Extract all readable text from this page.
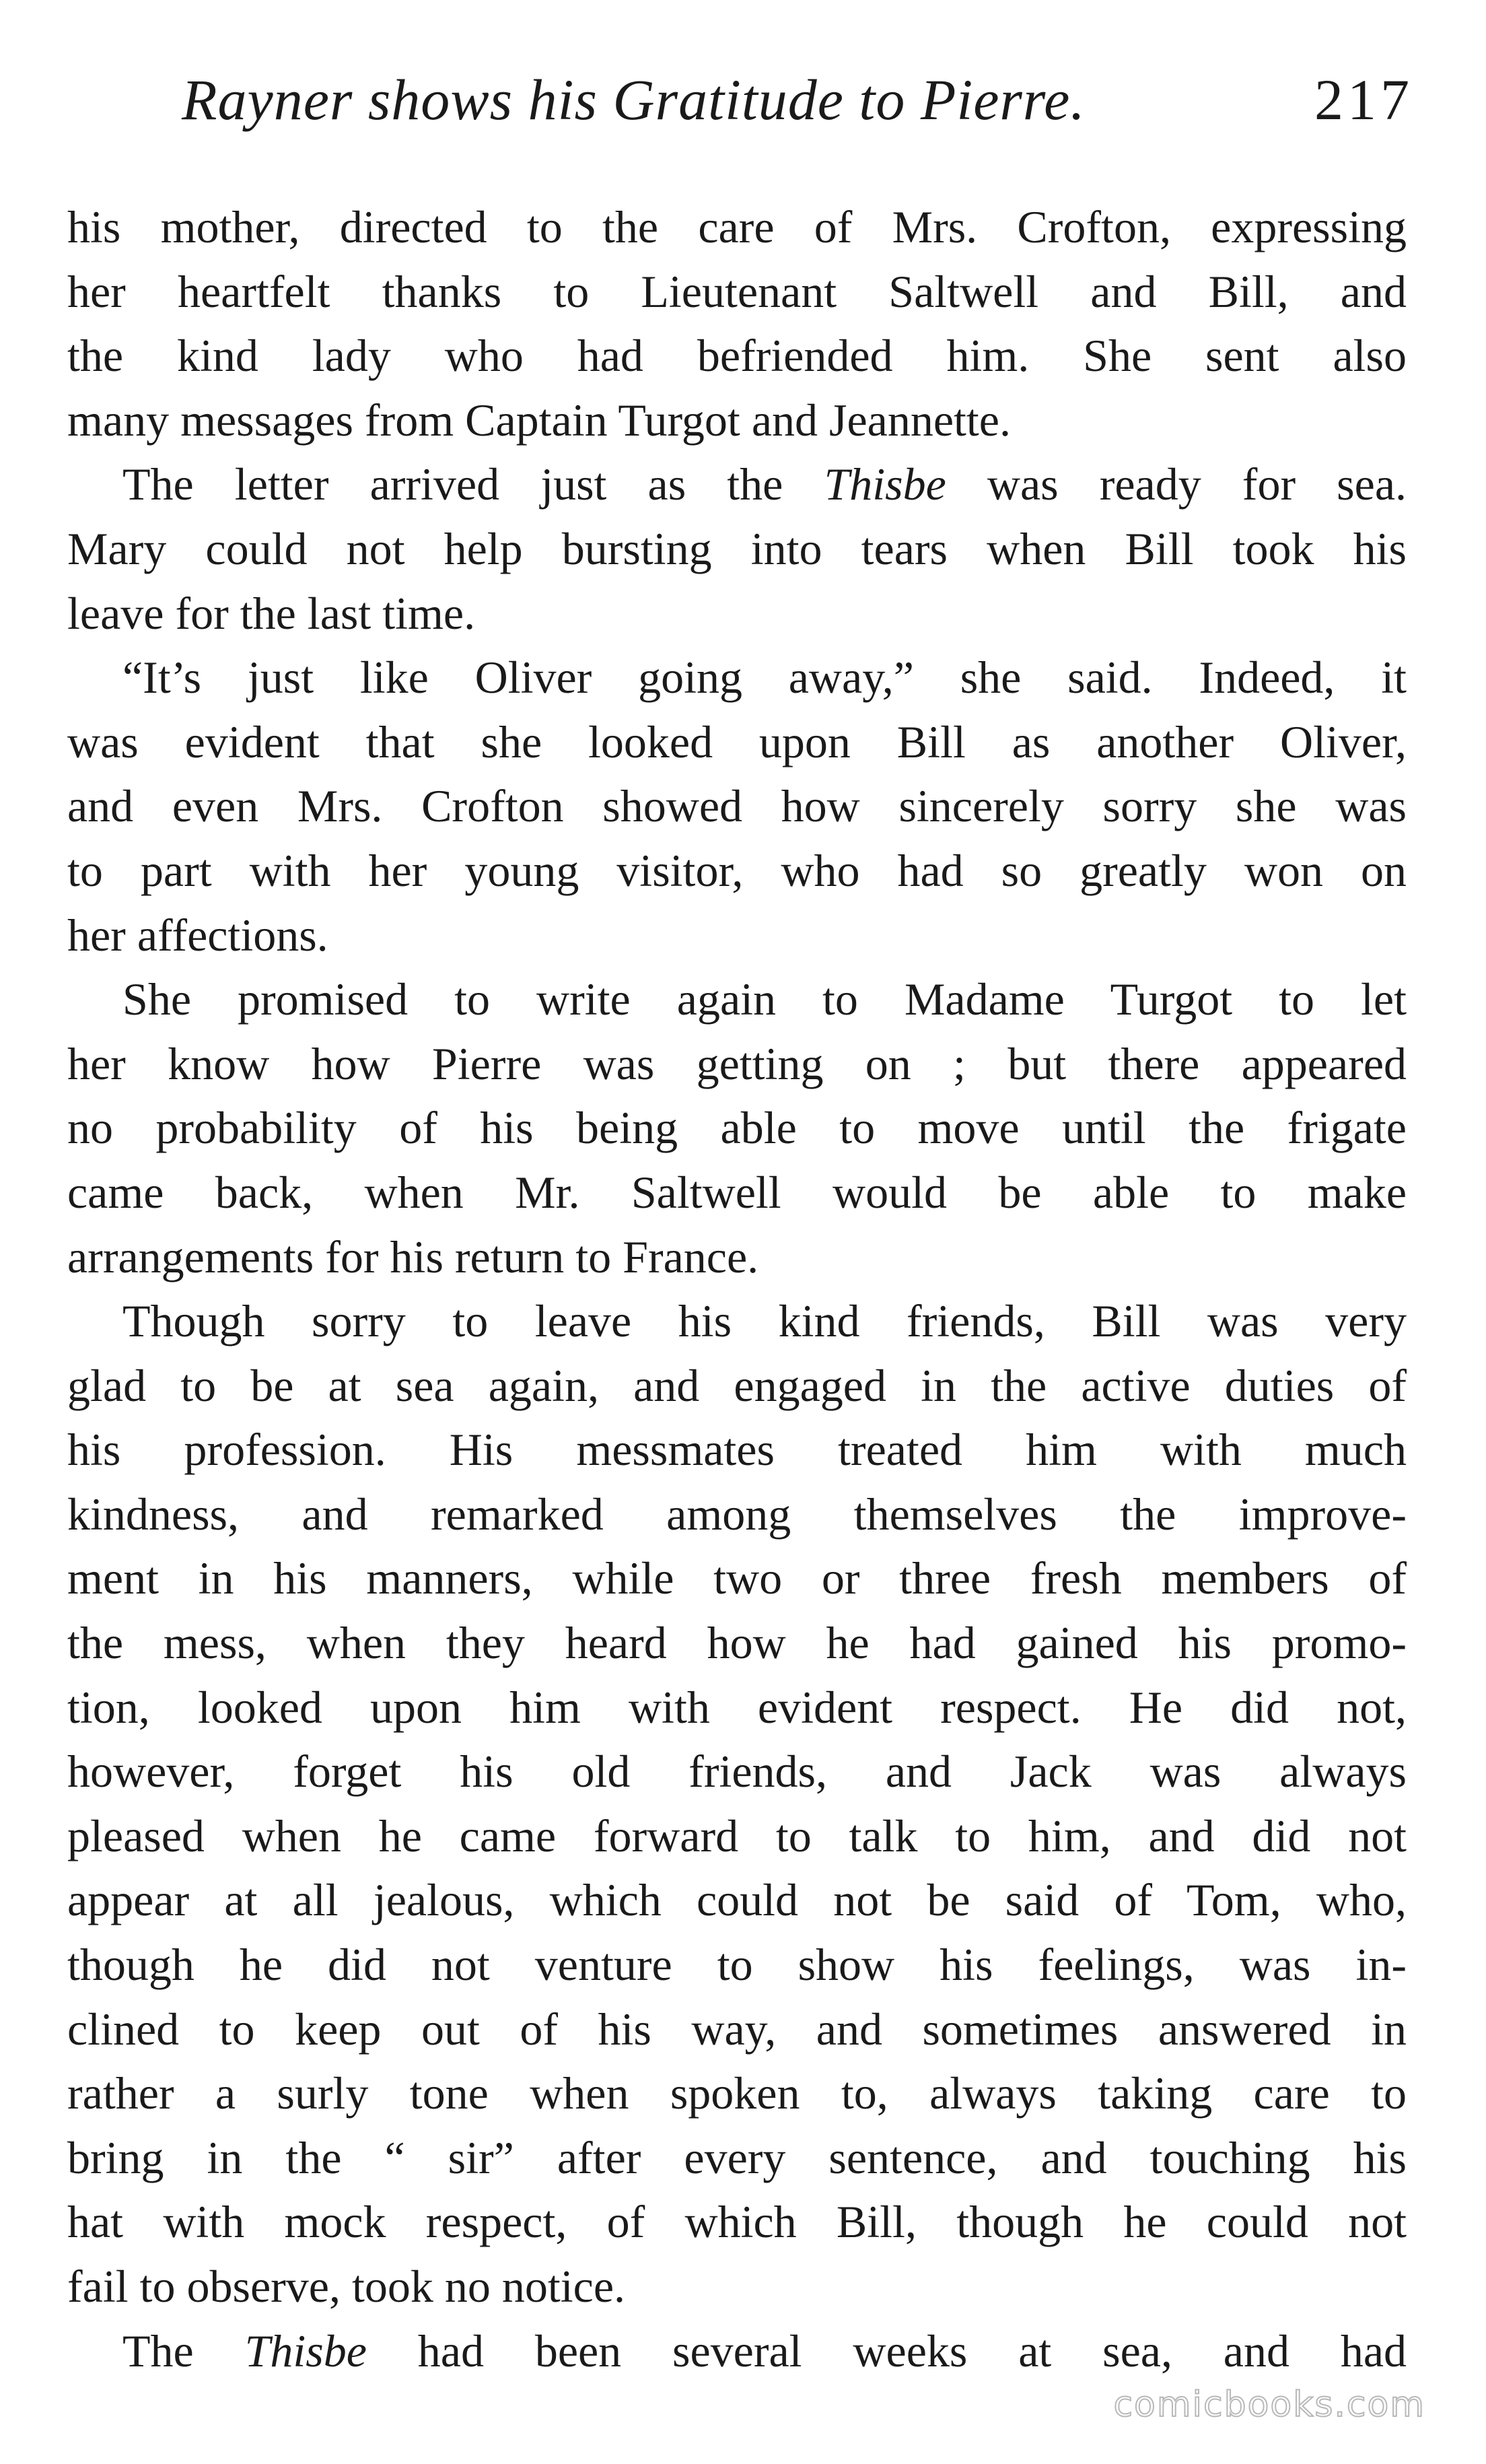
Rayner shows his Gratitude to Pierre.	217
his mother, directed to the care of Mrs. Crofton, expressing
her heartfelt thanks to Lieutenant Saltwell and Bill, and
the kind lady who had befriended him. She sent also
many messages from Captain Turgot and Jeannette.
The letter arrived just as the Thisbe was ready for sea.
Mary could not help bursting into tears when Bill took his
leave for the last time.
“It’s just like Oliver going away,” she said. Indeed, it
was evident that she looked upon Bill as another Oliver,
and even Mrs. Crofton showed how sincerely sorry she was
to part with her young visitor, who had so greatly won on
her affections.
She promised to write again to Madame Turgot to let
her know how Pierre was getting on ; but there appeared
no probability of his being able to move until the frigate
came back, when Mr. Saltwell would be able to make
arrangements for his return to France.
Though sorry to leave his kind friends, Bill was very
glad to be at sea again, and engaged in the active duties of
his profession. His messmates treated him with much
kindness, and remarked among themselves the improve-
ment in his manners, while two or three fresh members of
the mess, when they heard how he had gained his promo-
tion, looked upon him with evident respect. He did not,
however, forget his old friends, and Jack was always
pleased when he came forward to talk to him, and did not
appear at all jealous, which could not be said of Tom, who,
though he did not venture to show his feelings, was in-
clined to keep out of his way, and sometimes answered in
rather a surly tone when spoken to, always taking care to
bring in the “ sir” after every sentence, and touching his
hat with mock respect, of which Bill, though he could not
fail to observe, took no notice.
The Thisbe had been several weeks at sea, and had
comicbooks.com
